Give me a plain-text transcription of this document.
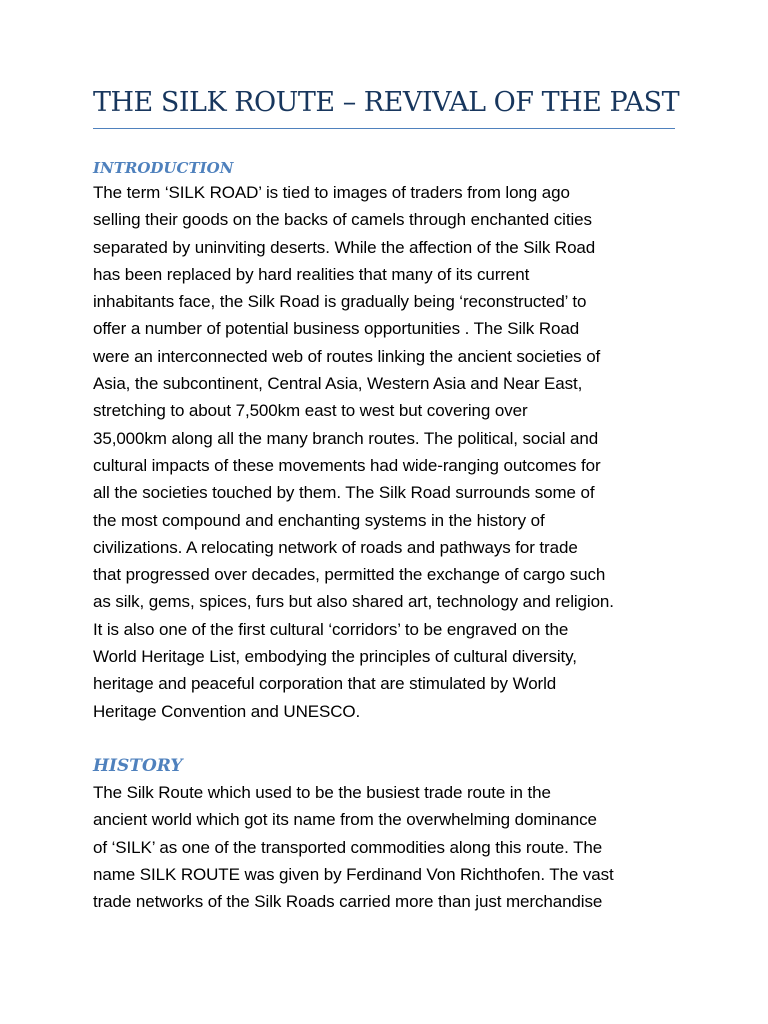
THE SILK ROUTE – REVIVAL OF THE PAST
INTRODUCTION
The term ‘SILK ROAD’ is tied to images of traders from long ago
selling their goods on the backs of camels through enchanted cities
separated by uninviting deserts. While the affection of the Silk Road
has been replaced by hard realities that many of its current
inhabitants face, the Silk Road is gradually being ‘reconstructed’ to
offer a number of potential business opportunities . The Silk Road
were an interconnected web of routes linking the ancient societies of
Asia, the subcontinent, Central Asia, Western Asia and Near East,
stretching to about 7,500km east to west but covering over
35,000km along all the many branch routes. The political, social and
cultural impacts of these movements had wide-ranging outcomes for
all the societies touched by them. The Silk Road surrounds some of
the most compound and enchanting systems in the history of
civilizations. A relocating network of roads and pathways for trade
that progressed over decades, permitted the exchange of cargo such
as silk, gems, spices, furs but also shared art, technology and religion.
It is also one of the first cultural ‘corridors’ to be engraved on the
World Heritage List, embodying the principles of cultural diversity,
heritage and peaceful corporation that are stimulated by World
Heritage Convention and UNESCO.
HISTORY
The Silk Route which used to be the busiest trade route in the
ancient world which got its name from the overwhelming dominance
of ‘SILK’ as one of the transported commodities along this route. The
name SILK ROUTE was given by Ferdinand Von Richthofen. The vast
trade networks of the Silk Roads carried more than just merchandise
